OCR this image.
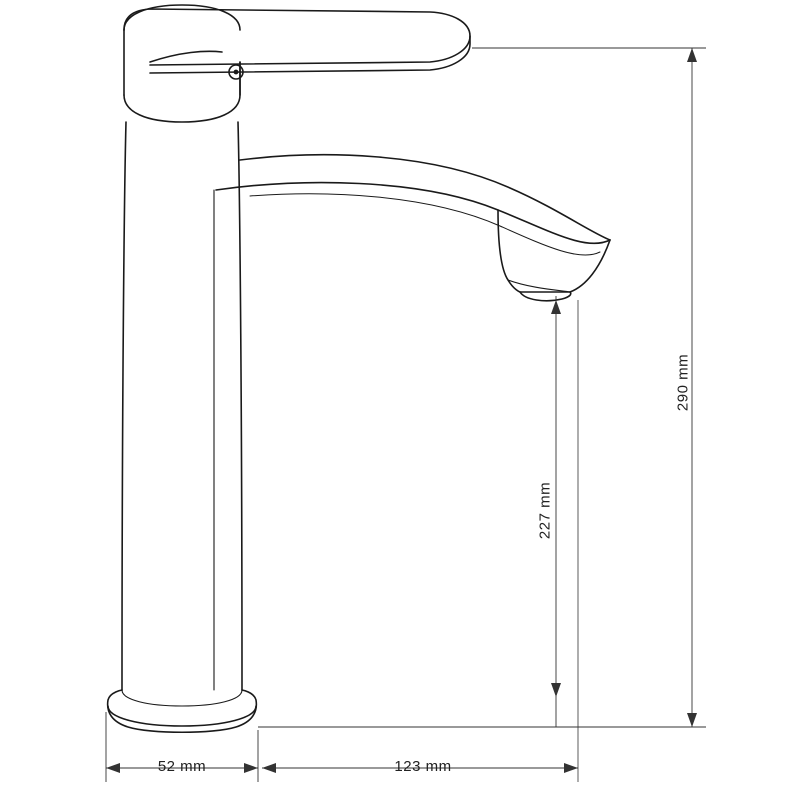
290 mm
227 mm
52 mm	123 mm
